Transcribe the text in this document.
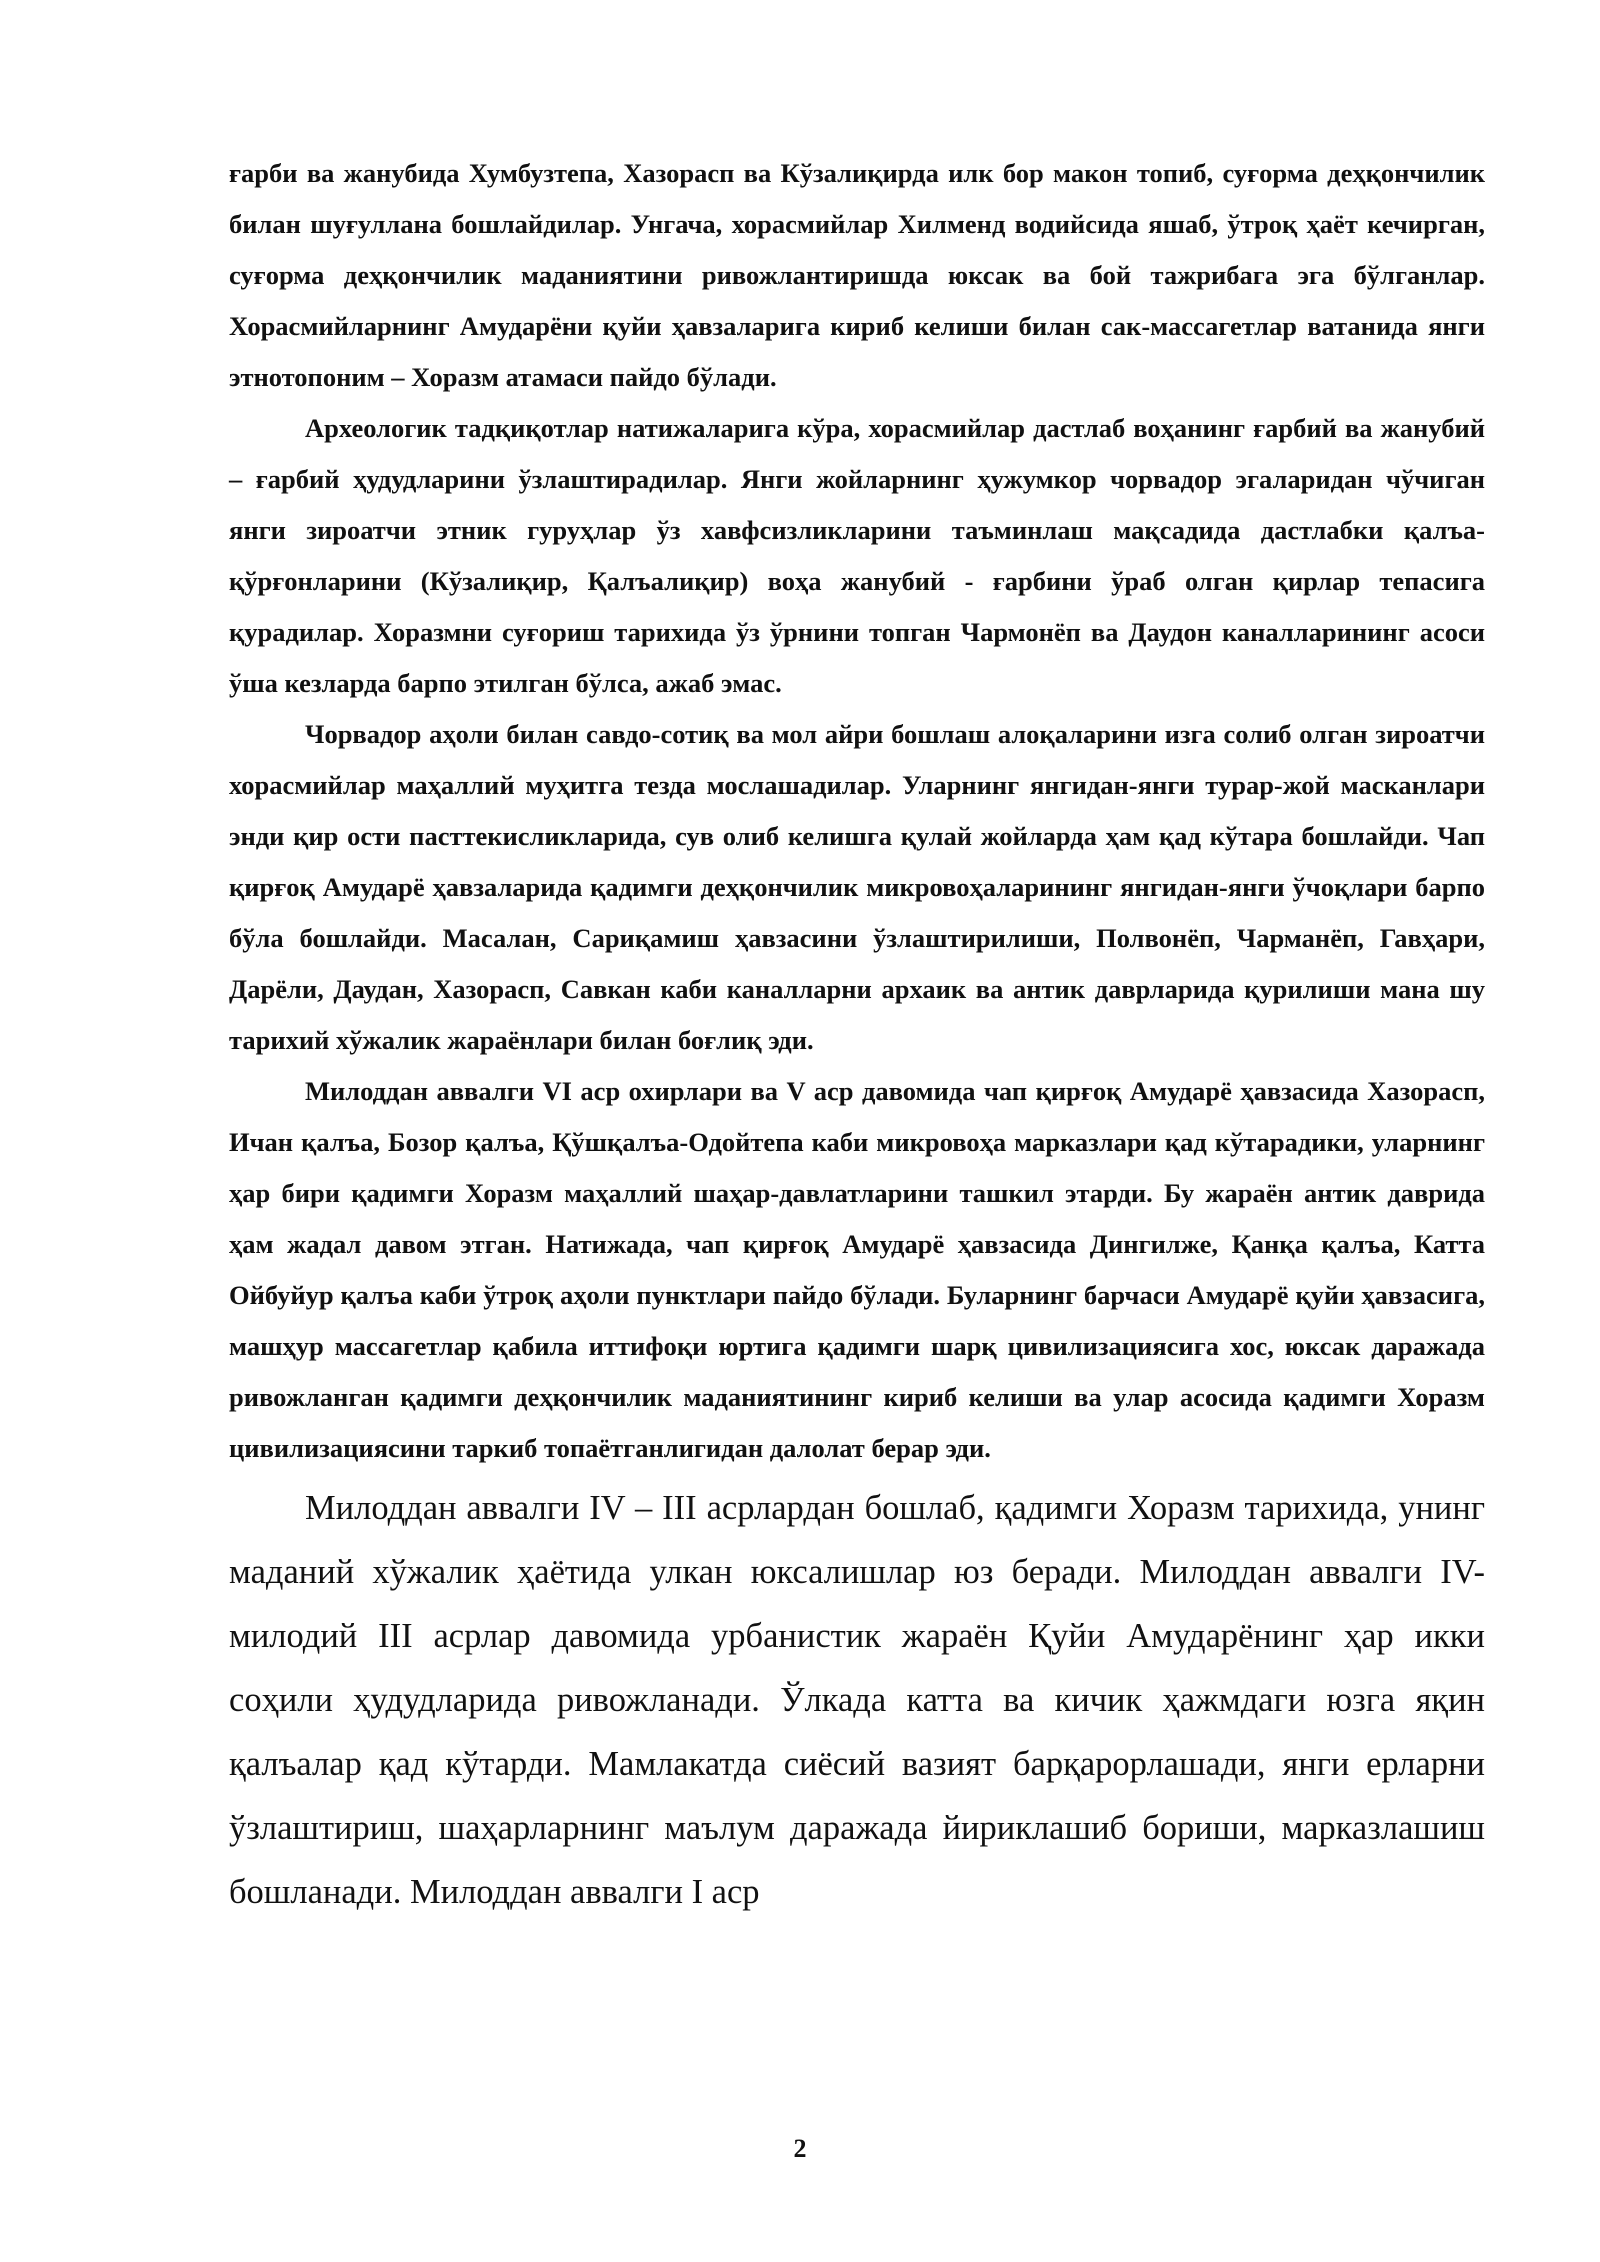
ғарби ва жанубида Хумбузтепа, Хазорасп ва Кўзалиқирда илк бор макон топиб, суғорма деҳқончилик билан шуғуллана бошлайдилар. Унгача, хорасмийлар Хилменд водийсида яшаб, ўтроқ ҳаёт кечирган, суғорма деҳқончилик маданиятини ривожлантиришда юксак ва бой тажрибага эга бўлганлар. Хорасмийларнинг Амударёни қуйи ҳавзаларига кириб келиши билан сак-массагетлар ватанида янги этнотопоним – Хоразм атамаси пайдо бўлади.

Археологик тадқиқотлар натижаларига кўра, хорасмийлар дастлаб воҳанинг ғарбий ва жанубий – ғарбий ҳудудларини ўзлаштирадилар. Янги жойларнинг ҳужумкор чорвадор эгаларидан чўчиган янги зироатчи этник гуруҳлар ўз хавфсизликларини таъминлаш мақсадида дастлабки қалъа-қўрғонларини (Кўзалиқир, Қалъалиқир) воҳа жанубий - ғарбини ўраб олган қирлар тепасига қурадилар. Хоразмни суғориш тарихида ўз ўрнини топган Чармонёп ва Даудон каналларининг асоси ўша кезларда барпо этилган бўлса, ажаб эмас.

Чорвадор аҳоли билан савдо-сотиқ ва мол айри бошлаш алоқаларини изга солиб олган зироатчи хорасмийлар маҳаллий муҳитга тезда мослашадилар. Уларнинг янгидан-янги турар-жой масканлари энди қир ости пасттекисликларида, сув олиб келишга қулай жойларда ҳам қад кўтара бошлайди. Чап қирғоқ Амударё ҳавзаларида қадимги деҳқончилик микровоҳаларининг янгидан-янги ўчоқлари барпо бўла бошлайди. Масалан, Сариқамиш ҳавзасини ўзлаштирилиши, Полвонёп, Чарманёп, Гавҳари, Дарёли, Даудан, Хазорасп, Савкан каби каналларни архаик ва антик даврларида қурилиши мана шу тарихий хўжалик жараёнлари билан боғлиқ эди.

Милоддан аввалги VI аср охирлари ва V аср давомида чап қирғоқ Амударё ҳавзасида Хазорасп, Ичан қалъа, Бозор қалъа, Қўшқалъа-Одойтепа каби микровоҳа марказлари қад кўтарадики, уларнинг ҳар бири қадимги Хоразм маҳаллий шаҳар-давлатларини ташкил этарди. Бу жараён антик даврида ҳам жадал давом этган. Натижада, чап қирғоқ Амударё ҳавзасида Дингилже, Қанқа қалъа, Катта Ойбуйур қалъа каби ўтроқ аҳоли пунктлари пайдо бўлади. Буларнинг барчаси Амударё қуйи ҳавзасига, машҳур массагетлар қабила иттифоқи юртига қадимги шарқ цивилизациясига хос, юксак даражада ривожланган қадимги деҳқончилик маданиятининг кириб келиши ва улар асосида қадимги Хоразм цивилизациясини таркиб топаётганлигидан далолат берар эди.

Милоддан аввалги IV – III асрлардан бошлаб, қадимги Хоразм тарихида, унинг маданий хўжалик ҳаётида улкан юксалишлар юз беради. Милоддан аввалги IV-милодий III асрлар давомида урбанистик жараён Қуйи Амударёнинг ҳар икки соҳили ҳудудларида ривожланади. Ўлкада катта ва кичик ҳажмдаги юзга яқин қалъалар қад кўтарди. Мамлакатда сиёсий вазият барқарорлашади, янги ерларни ўзлаштириш, шаҳарларнинг маълум даражада йириклашиб бориши, марказлашиш бошланади. Милоддан аввалги I аср

2
